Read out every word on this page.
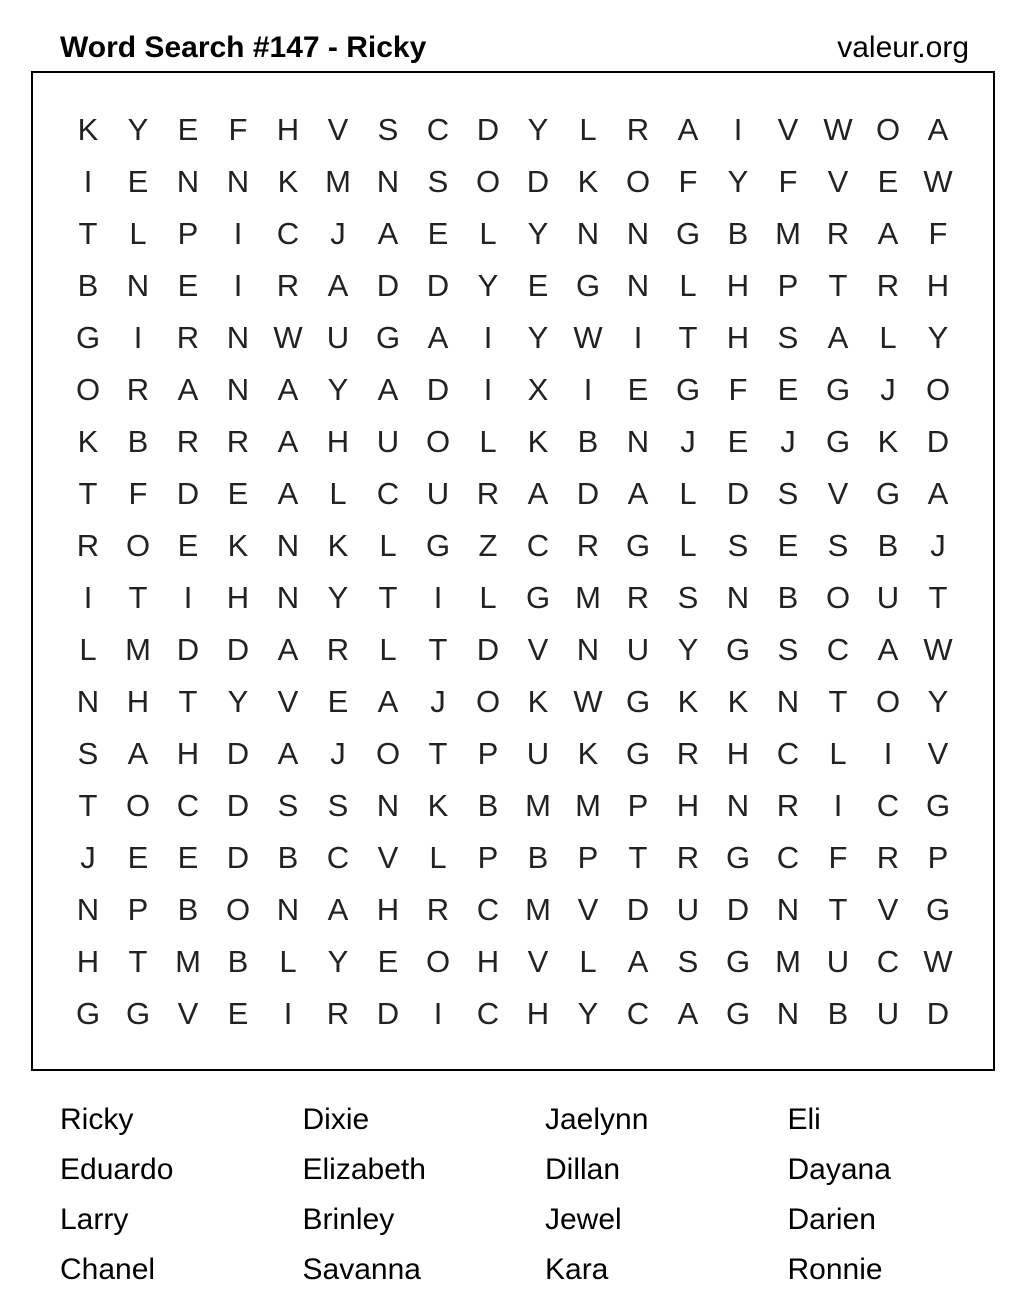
Word Search #147 - Ricky	valeur.org
K Y E F H V S C D Y	L R A	I	V W O A
I	E N N K M N S O D K O F Y F V E W
T	L	P	I	C	J	A E	L	Y N N G B M R A F
B N E	I	R A D D Y E G N L H P T R H
G	I	R N W U G A	I	Y W	I	T H S A	L	Y
O R A N A Y A D	I	X	I	E G F E G J O
K B R R A H U O L	K B N	J	E	J G K D
T	F D E A	L C U R A D A	L D S V G A
R O E K N K	L G Z C R G L	S E S B	J
I	T	I	H N Y T	I	L G M R S N B O U T
L M D D A R L	T D V N U Y G S C A W
N H T Y V E A	J O K W G K K N T O Y
S A H D A	J O T P U K G R H C L	I	V
T O C D S S N K B M M P H N R	I	C G
J	E E D B C V	L	P B P T R G C F R P
N P B O N A H R C M V D U D N T V G
H T M B	L	Y E O H V	L	A S G M U C W
G G V E	I	R D	I	C H Y C A G N B U D
Ricky	Dixie	Jaelynn	Eli
Eduardo	Elizabeth	Dillan	Dayana
Larry	Brinley	Jewel	Darien
Chanel	Savanna	Kara	Ronnie
